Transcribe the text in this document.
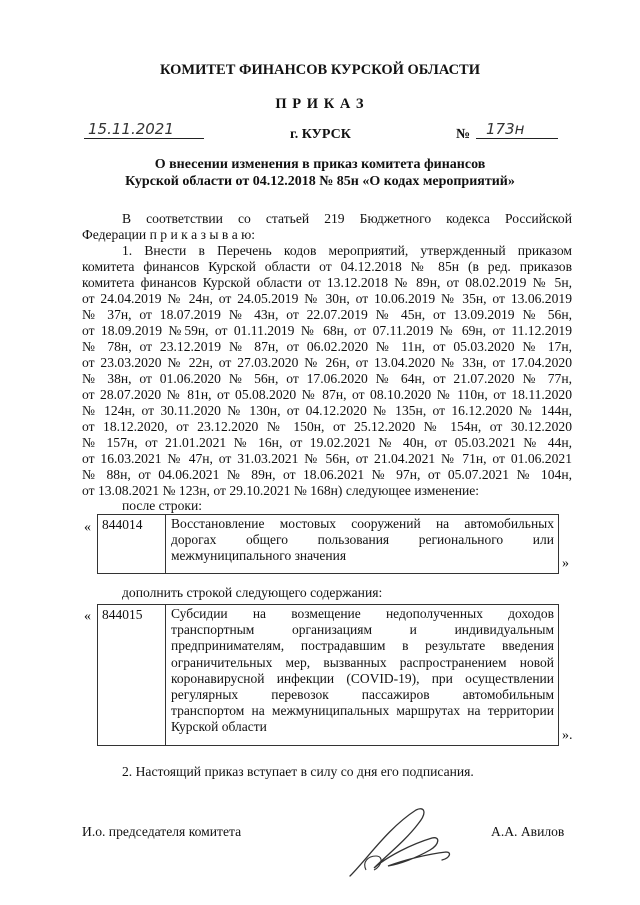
КОМИТЕТ ФИНАНСОВ КУРСКОЙ ОБЛАСТИ
П Р И К А З
15.11.2021	г. КУРСК	№ 173н
О внесении изменения в приказ комитета финансов
Курской области от 04.12.2018 № 85н «О кодах мероприятий»
В соответствии со статьей 219 Бюджетного кодекса Российской
Федерации п р и к а з ы в а ю:
1. Внести в Перечень кодов мероприятий, утвержденный приказом
комитета финансов Курской области от 04.12.2018 № 85н (в ред. приказов
комитета финансов Курской области от 13.12.2018 № 89н, от 08.02.2019 № 5н,
от 24.04.2019 № 24н, от 24.05.2019 № 30н, от 10.06.2019 № 35н, от 13.06.2019
№ 37н, от 18.07.2019 № 43н, от 22.07.2019 № 45н, от 13.09.2019 № 56н,
от 18.09.2019 №59н, от 01.11.2019 № 68н, от 07.11.2019 № 69н, от 11.12.2019
№ 78н, от 23.12.2019 № 87н, от 06.02.2020 № 11н, от 05.03.2020 № 17н,
от 23.03.2020 № 22н, от 27.03.2020 № 26н, от 13.04.2020 № 33н, от 17.04.2020
№ 38н, от 01.06.2020 № 56н, от 17.06.2020 № 64н, от 21.07.2020 № 77н,
от 28.07.2020 № 81н, от 05.08.2020 № 87н, от 08.10.2020 № 110н, от 18.11.2020
№ 124н, от 30.11.2020 № 130н, от 04.12.2020 № 135н, от 16.12.2020 № 144н,
от 18.12.2020, от 23.12.2020 № 150н, от 25.12.2020 № 154н, от 30.12.2020
№ 157н, от 21.01.2021 № 16н, от 19.02.2021 № 40н, от 05.03.2021 № 44н,
от 16.03.2021 № 47н, от 31.03.2021 № 56н, от 21.04.2021 № 71н, от 01.06.2021
№ 88н, от 04.06.2021 № 89н, от 18.06.2021 № 97н, от 05.07.2021 № 104н,
от 13.08.2021 № 123н, от 29.10.2021 № 168н) следующее изменение:
после строки:
« 844014	Восстановление мостовых сооружений на автомобильных
дорогах общего пользования регионального или
межмуниципального значения
»
дополнить строкой следующего содержания:
« 844015	Субсидии на возмещение недополученных доходов
транспортным организациям и индивидуальным
предпринимателям, пострадавшим в результате введения
ограничительных мер, вызванных распространением новой
коронавирусной инфекции (COVID-19), при осуществлении
регулярных перевозок пассажиров автомобильным
транспортом на межмуниципальных маршрутах на территории
Курской области
».
2. Настоящий приказ вступает в силу со дня его подписания.
И.о. председателя комитета	А.А. Авилов
